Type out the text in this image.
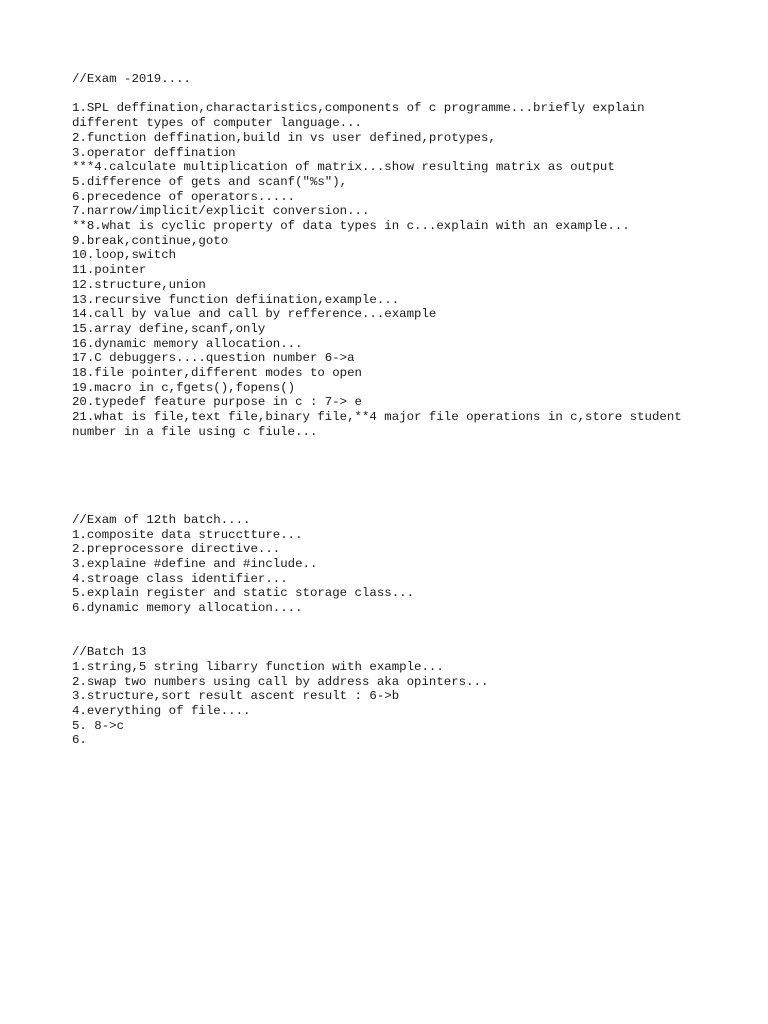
//Exam -2019....
1.SPL deffination,charactaristics,components of c programme...briefly explain different types of computer language...
2.function deffination,build in vs user defined,protypes,
3.operator deffination
***4.calculate multiplication of matrix...show resulting matrix as output
5.difference of gets and scanf("%s"),
6.precedence of operators.....
7.narrow/implicit/explicit conversion...
**8.what is cyclic property of data types in c...explain with an example...
9.break,continue,goto
10.loop,switch
11.pointer
12.structure,union
13.recursive function defiination,example...
14.call by value and call by refference...example
15.array define,scanf,only
16.dynamic memory allocation...
17.C debuggers....question number 6->a
18.file pointer,different modes to open
19.macro in c,fgets(),fopens()
20.typedef feature purpose in c : 7-> e
21.what is file,text file,binary file,**4 major file operations in c,store student number in a file using c fiule...
//Exam of 12th batch....
1.composite data strucctture...
2.preprocessore directive...
3.explaine #define and #include..
4.stroage class identifier...
5.explain register and static storage class...
6.dynamic memory allocation....
//Batch 13
1.string,5 string libarry function with example...
2.swap two numbers using call by address aka opinters...
3.structure,sort result ascent result : 6->b
4.everything of file....
5. 8->c
6.
